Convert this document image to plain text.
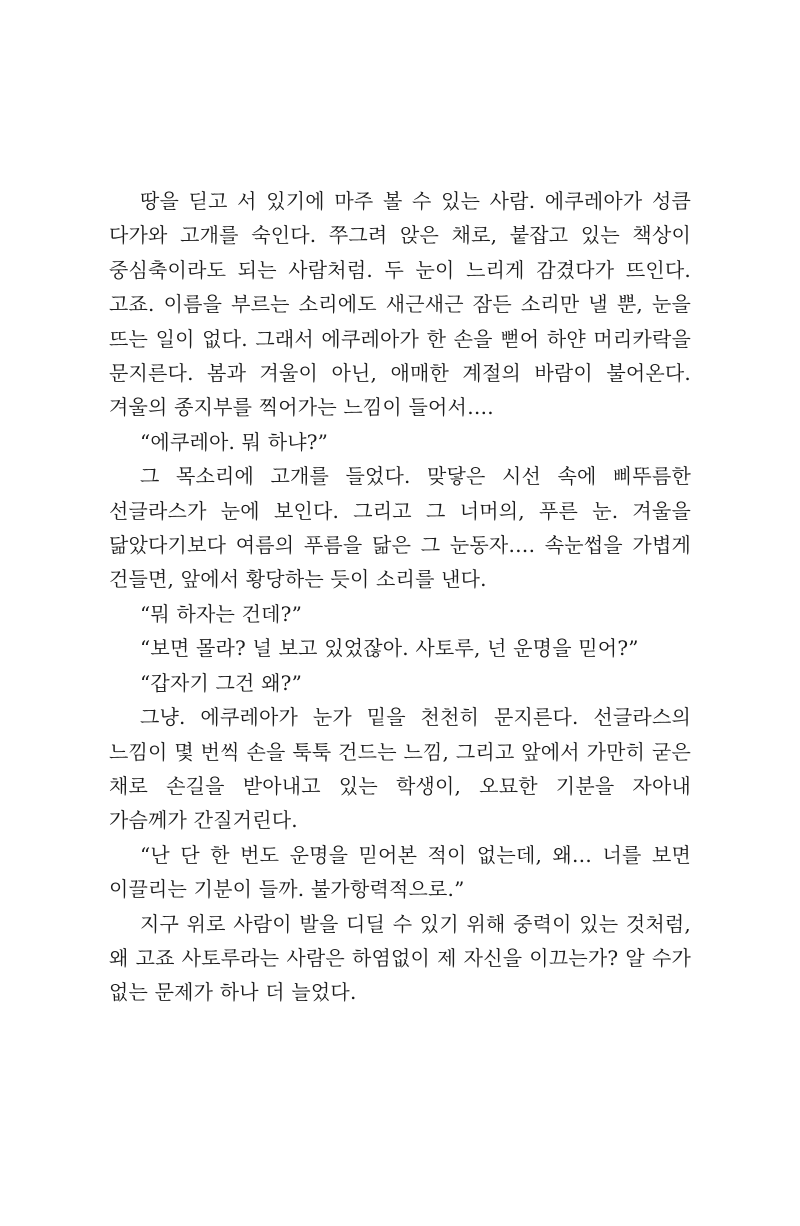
땅을 딛고 서 있기에 마주 볼 수 있는 사람. 에쿠레아가 성큼 다가와 고개를 숙인다. 쭈그려 앉은 채로, 붙잡고 있는 책상이 중심축이라도 되는 사람처럼. 두 눈이 느리게 감겼다가 뜨인다. 고죠. 이름을 부르는 소리에도 새근새근 잠든 소리만 낼 뿐, 눈을 뜨는 일이 없다. 그래서 에쿠레아가 한 손을 뻗어 하얀 머리카락을 문지른다. 봄과 겨울이 아닌, 애매한 계절의 바람이 불어온다. 겨울의 종지부를 찍어가는 느낌이 들어서….

“에쿠레아. 뭐 하냐?”

그 목소리에 고개를 들었다. 맞닿은 시선 속에 삐뚜름한 선글라스가 눈에 보인다. 그리고 그 너머의, 푸른 눈. 겨울을 닮았다기보다 여름의 푸름을 닮은 그 눈동자…. 속눈썹을 가볍게 건들면, 앞에서 황당하는 듯이 소리를 낸다.

“뭐 하자는 건데?”

“보면 몰라? 널 보고 있었잖아. 사토루, 넌 운명을 믿어?”

“갑자기 그건 왜?”

그냥. 에쿠레아가 눈가 밑을 천천히 문지른다. 선글라스의 느낌이 몇 번씩 손을 툭툭 건드는 느낌, 그리고 앞에서 가만히 굳은 채로 손길을 받아내고 있는 학생이, 오묘한 기분을 자아내 가슴께가 간질거린다.

“난 단 한 번도 운명을 믿어본 적이 없는데, 왜… 너를 보면 이끌리는 기분이 들까. 불가항력적으로.”

지구 위로 사람이 발을 디딜 수 있기 위해 중력이 있는 것처럼, 왜 고죠 사토루라는 사람은 하염없이 제 자신을 이끄는가? 알 수가 없는 문제가 하나 더 늘었다.
